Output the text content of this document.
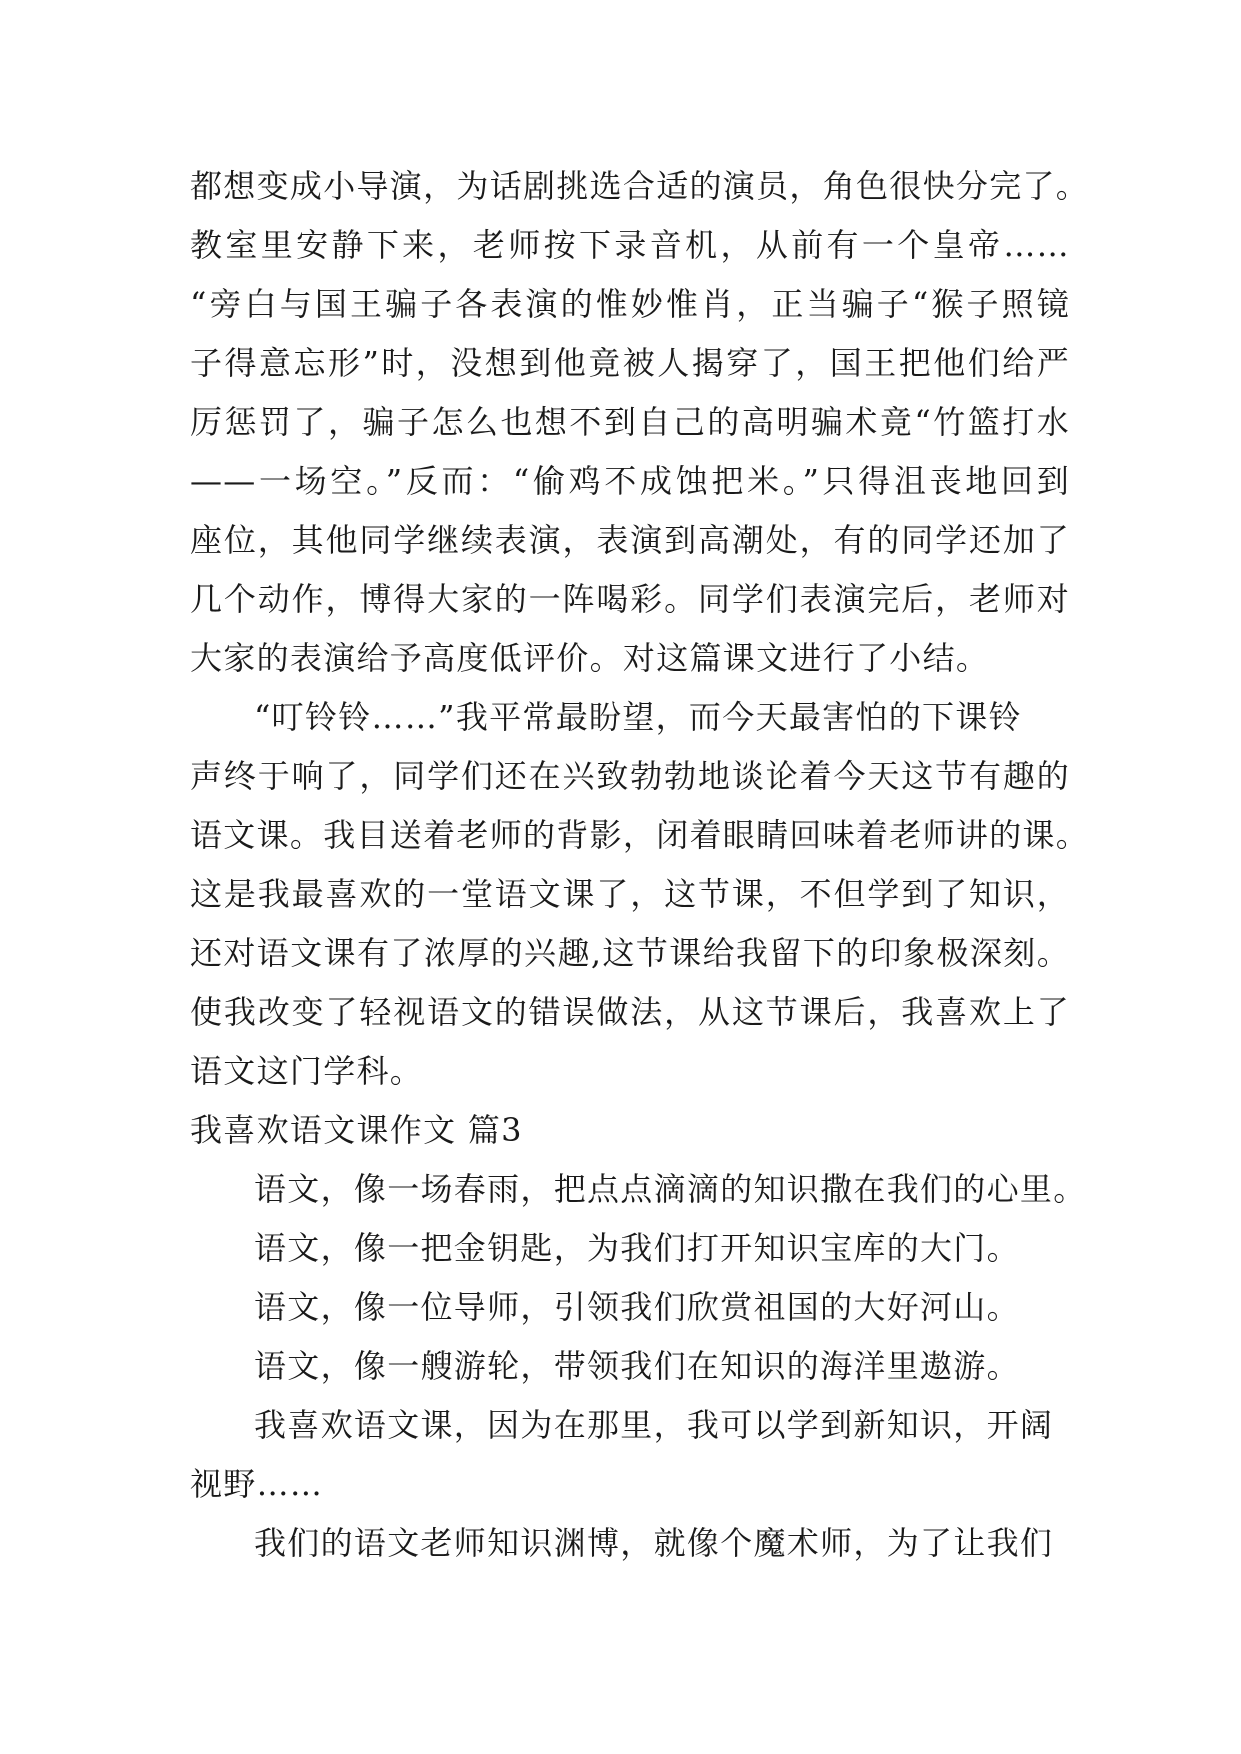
都想变成小导演，为话剧挑选合适的演员，角色很快分完了。
教室里安静下来，老师按下录音机，从前有一个皇帝……
“旁白与国王骗子各表演的惟妙惟肖，正当骗子“猴子照镜
子得意忘形”时，没想到他竟被人揭穿了，国王把他们给严
厉惩罚了，骗子怎么也想不到自己的高明骗术竟“竹篮打水
——一场空。”反而：“偷鸡不成蚀把米。”只得沮丧地回到
座位，其他同学继续表演，表演到高潮处，有的同学还加了
几个动作，博得大家的一阵喝彩。同学们表演完后，老师对
大家的表演给予高度低评价。对这篇课文进行了小结。
“叮铃铃……”我平常最盼望，而今天最害怕的下课铃
声终于响了，同学们还在兴致勃勃地谈论着今天这节有趣的
语文课。我目送着老师的背影，闭着眼睛回味着老师讲的课。
这是我最喜欢的一堂语文课了，这节课，不但学到了知识，
还对语文课有了浓厚的兴趣,这节课给我留下的印象极深刻。
使我改变了轻视语文的错误做法，从这节课后，我喜欢上了
语文这门学科。
我喜欢语文课作文 篇3
语文，像一场春雨，把点点滴滴的知识撒在我们的心里。
语文，像一把金钥匙，为我们打开知识宝库的大门。
语文，像一位导师，引领我们欣赏祖国的大好河山。
语文，像一艘游轮，带领我们在知识的海洋里遨游。
我喜欢语文课，因为在那里，我可以学到新知识，开阔
视野……
我们的语文老师知识渊博，就像个魔术师，为了让我们
